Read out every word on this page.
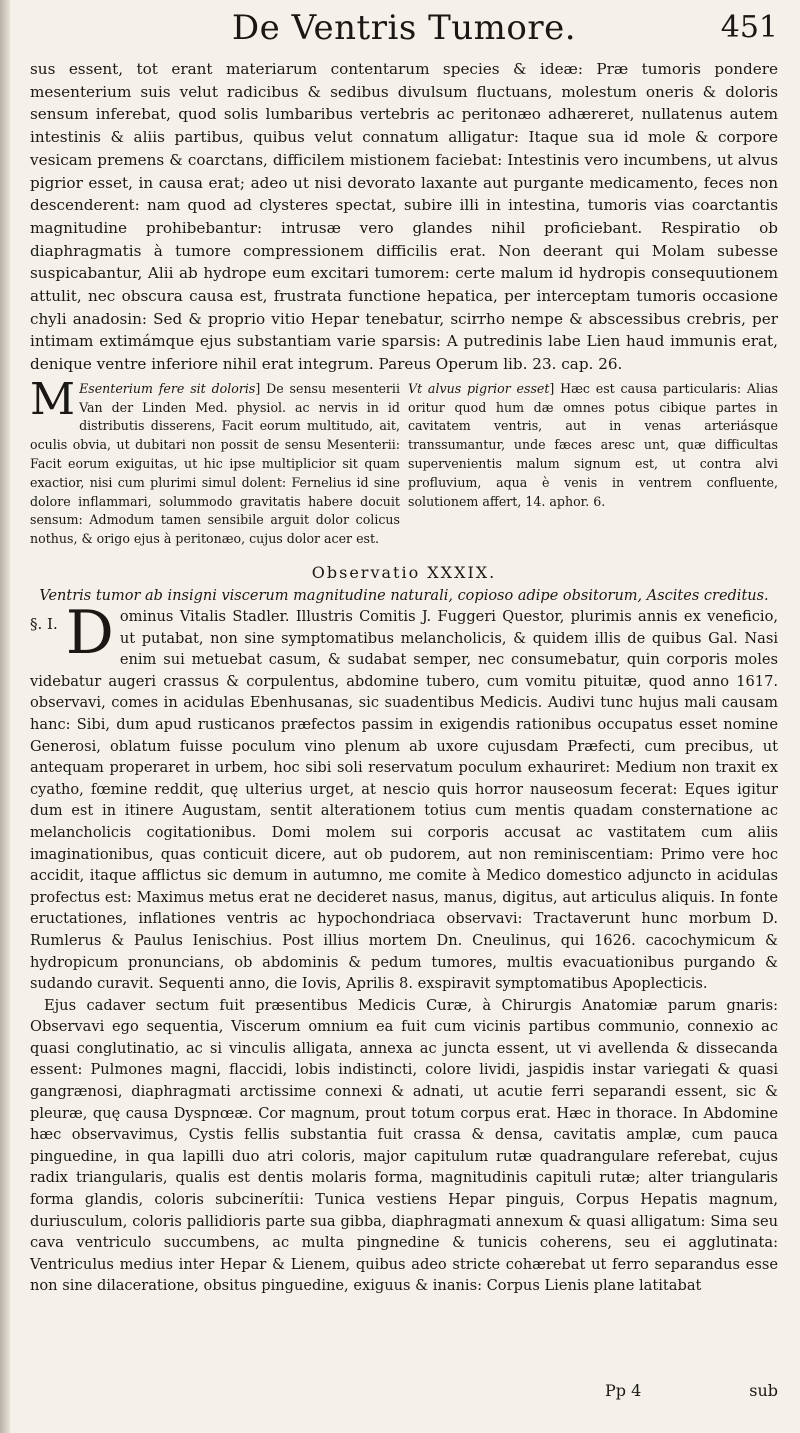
De Ventris Tumore.	451

sus essent, tot erant materiarum contentarum species & ideæ: Præ tumoris pondere mesenterium suis velut radicibus & sedibus divulsum fluctuans, molestum oneris & doloris sensum inferebat, quod solis lumbaribus vertebris ac peritonæo adhæreret, nullatenus autem intestinis & aliis partibus, quibus velut connatum alligatur: Itaque sua id mole & corpore vesicam premens & coarctans, difficilem mistionem faciebat: Intestinis vero incumbens, ut alvus pigrior esset, in causa erat; adeo ut nisi devorato laxante aut purgante medicamento, feces non descenderent: nam quod ad clysteres spectat, subire illi in intestina, tumoris vias coarctantis magnitudine prohibebantur: intrusæ vero glandes nihil proficiebant. Respiratio ob diaphragmatis à tumore compressionem difficilis erat. Non deerant qui Molam subesse suspicabantur, Alii ab hydrope eum excitari tumorem: certe malum id hydropis consequutionem attulit, nec obscura causa est, frustrata functione hepatica, per interceptam tumoris occasione chyli anadosin: Sed & proprio vitio Hepar tenebatur, scirrho nempe & abscessibus crebris, per intimam extimámque ejus substantiam varie sparsis: A putredinis labe Lien haud immunis erat, denique ventre inferiore nihil erat integrum. Pareus Operum lib. 23. cap. 26.

M Esenterium fere sit doloris] De sensu mesenterii Van der Linden Med. physiol. ac nervis in id distributis disserens, Facit eorum multitudo, ait, oculis obvia, ut dubitari non possit de sensu Mesenterii: Facit eorum exiguitas, ut hic ipse multiplicior sit quam exactior, nisi cum plurimi simul dolent: Fernelius id sine dolore inflammari, solummodo gravitatis habere docuit sensum: Admodum tamen sensibile arguit dolor colicus nothus, & origo ejus à peritonæo, cujus dolor acer est.

Vt alvus pigrior esset] Hæc est causa particularis: Alias oritur quod hum dæ omnes potus cibique partes in cavitatem ventris, aut in venas arteriásque transsumantur, unde fæces aresc unt, quæ difficultas supervenientis malum signum est, ut contra alvi profluvium, aqua è venis in ventrem confluente, solutionem affert, 14. aphor. 6.

Observatio XXXIX.
Ventris tumor ab insigni viscerum magnitudine naturali, copioso adipe obsitorum, Ascites creditus.

§. I. D ominus Vitalis Stadler. Illustris Comitis J. Fuggeri Questor, plurimis annis ex veneficio, ut putabat, non sine symptomatibus melancholicis, & quidem illis de quibus Gal. Nasi enim sui metuebat casum, & sudabat semper, nec consumebatur, quin corporis moles videbatur augeri crassus & corpulentus, abdomine tubero, cum vomitu pituitæ, quod anno 1617. observavi, comes in acidulas Ebenhusanas, sic suadentibus Medicis. Audivi tunc hujus mali causam hanc: Sibi, dum apud rusticanos præfectos passim in exigendis rationibus occupatus esset nomine Generosi, oblatum fuisse poculum vino plenum ab uxore cujusdam Præfecti, cum precibus, ut antequam properaret in urbem, hoc sibi soli reservatum poculum exhauriret: Medium non traxit ex cyatho, fœmine reddit, quę ulterius urget, at nescio quis horror nauseosum fecerat: Eques igitur dum est in itinere Augustam, sentit alterationem totius cum mentis quadam consternatione ac melancholicis cogitationibus. Domi molem sui corporis accusat ac vastitatem cum aliis imaginationibus, quas conticuit dicere, aut ob pudorem, aut non reminiscentiam: Primo vere hoc accidit, itaque afflictus sic demum in autumno, me comite à Medico domestico adjuncto in acidulas profectus est: Maximus metus erat ne decideret nasus, manus, digitus, aut articulus aliquis. In fonte eructationes, inflationes ventris ac hypochondriaca observavi: Tractaverunt hunc morbum D. Rumlerus & Paulus Ienischius. Post illius mortem Dn. Cneulinus, qui 1626. cacochymicum & hydropicum pronuncians, ob abdominis & pedum tumores, multis evacuationibus purgando & sudando curavit. Sequenti anno, die Iovis, Aprilis 8. exspiravit symptomatibus Apoplecticis.

Ejus cadaver sectum fuit præsentibus Medicis Curæ, à Chirurgis Anatomiæ parum gnaris: Observavi ego sequentia, Viscerum omnium ea fuit cum vicinis partibus communio, connexio ac quasi conglutinatio, ac si vinculis alligata, annexa ac juncta essent, ut vi avellenda & dissecanda essent: Pulmones magni, flaccidi, lobis indistincti, colore lividi, jaspidis instar variegati & quasi gangrænosi, diaphragmati arctissime connexi & adnati, ut acutie ferri separandi essent, sic & pleuræ, quę causa Dyspnœæ. Cor magnum, prout totum corpus erat. Hæc in thorace. In Abdomine hæc observavimus, Cystis fellis substantia fuit crassa & densa, cavitatis amplæ, cum pauca pinguedine, in qua lapilli duo atri coloris, major capitulum rutæ quadrangulare referebat, cujus radix triangularis, qualis est dentis molaris forma, magnitudinis capituli rutæ; alter triangularis forma glandis, coloris subcinerítii: Tunica vestiens Hepar pinguis, Corpus Hepatis magnum, duriusculum, coloris pallidioris parte sua gibba, diaphragmati annexum & quasi alligatum: Sima seu cava ventriculo succumbens, ac multa pingnedine & tunicis coherens, seu ei agglutinata: Ventriculus medius inter Hepar & Lienem, quibus adeo stricte cohærebat ut ferro separandus esse non sine dilaceratione, obsitus pinguedine, exiguus & inanis: Corpus Lienis plane latitabat

Pp 4	sub
